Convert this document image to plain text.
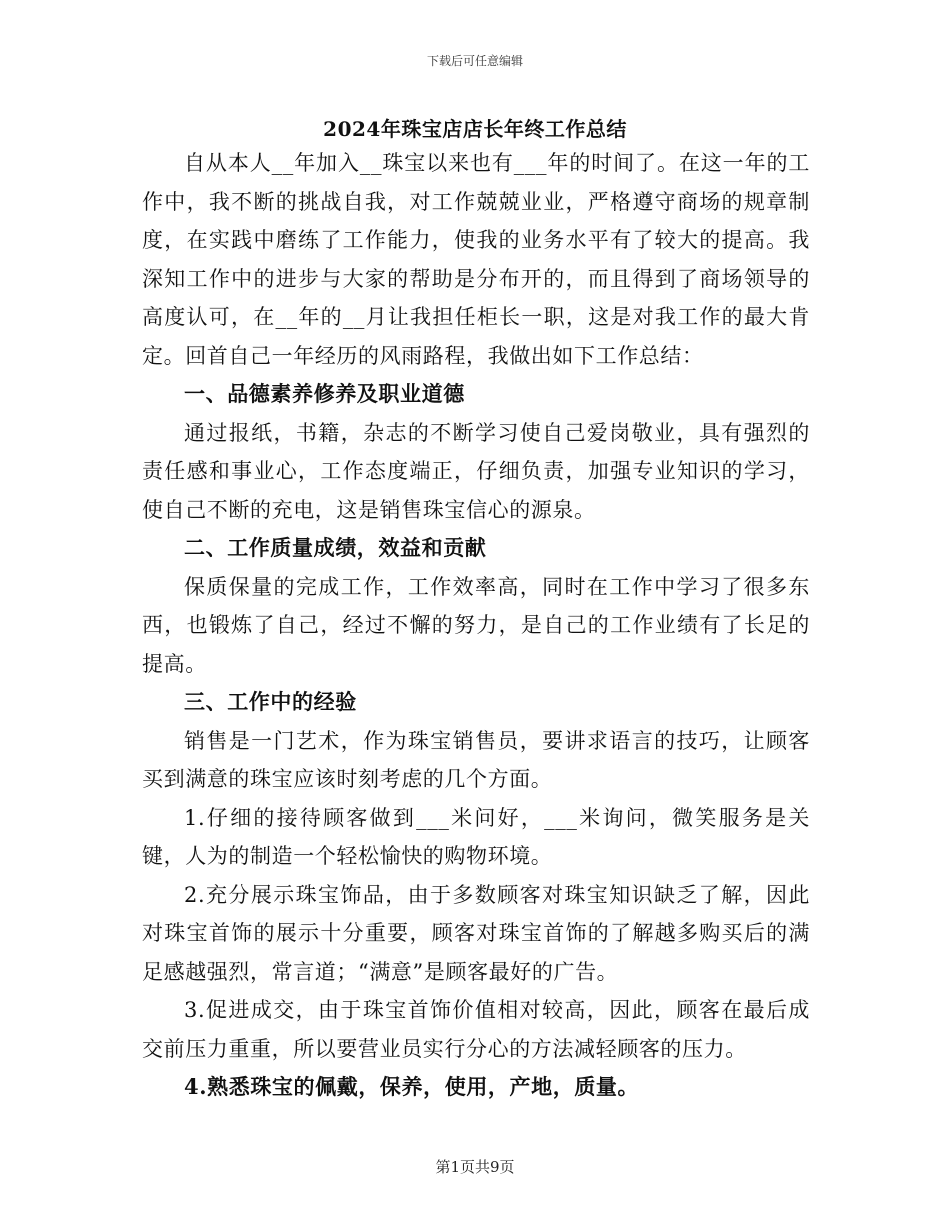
下载后可任意编辑
2024年珠宝店店长年终工作总结

自从本人__年加入__珠宝以来也有___年的时间了。在这一年的工作中，我不断的挑战自我，对工作兢兢业业，严格遵守商场的规章制度，在实践中磨练了工作能力，使我的业务水平有了较大的提高。我深知工作中的进步与大家的帮助是分布开的，而且得到了商场领导的高度认可，在__年的__月让我担任柜长一职，这是对我工作的最大肯定。回首自己一年经历的风雨路程，我做出如下工作总结：

一、品德素养修养及职业道德

通过报纸，书籍，杂志的不断学习使自己爱岗敬业，具有强烈的责任感和事业心，工作态度端正，仔细负责，加强专业知识的学习，使自己不断的充电，这是销售珠宝信心的源泉。

二、工作质量成绩，效益和贡献

保质保量的完成工作，工作效率高，同时在工作中学习了很多东西，也锻炼了自己，经过不懈的努力，是自己的工作业绩有了长足的提高。

三、工作中的经验

销售是一门艺术，作为珠宝销售员，要讲求语言的技巧，让顾客买到满意的珠宝应该时刻考虑的几个方面。

1.仔细的接待顾客做到___米问好，___米询问，微笑服务是关键，人为的制造一个轻松愉快的购物环境。

2.充分展示珠宝饰品，由于多数顾客对珠宝知识缺乏了解，因此对珠宝首饰的展示十分重要，顾客对珠宝首饰的了解越多购买后的满足感越强烈，常言道；“满意”是顾客最好的广告。

3.促进成交，由于珠宝首饰价值相对较高，因此，顾客在最后成交前压力重重，所以要营业员实行分心的方法减轻顾客的压力。

4.熟悉珠宝的佩戴，保养，使用，产地，质量。

第1页共9页
